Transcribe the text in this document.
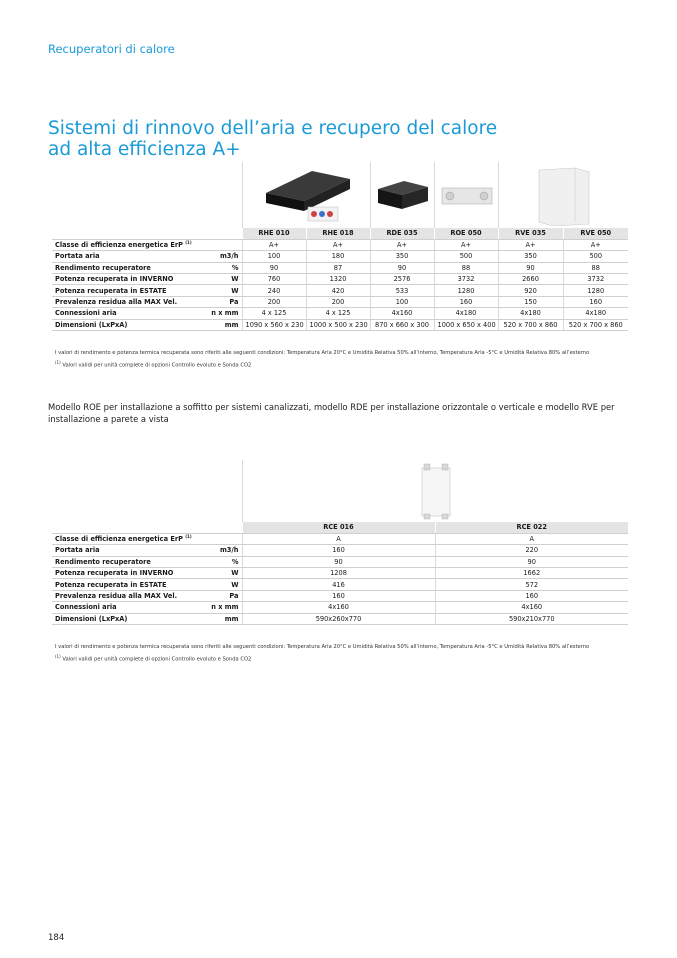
Recuperatori di calore
Sistemi di rinnovo dell’aria e recupero del calore
ad alta efficienza A+
		RHE 010	RHE 018	RDE 035	ROE 050	RVE 035	RVE 050
Classe di efficienza energetica ErP $^{(1)}$		A+	A+	A+	A+	A+	A+
Portata aria	m3/h	100	180	350	500	350	500
Rendimento recuperatore	%	90	87	90	88	90	88
Potenza recuperata in INVERNO	W	760	1320	2576	3732	2660	3732
Potenza recuperata in ESTATE	W	240	420	533	1280	920	1280
Prevalenza residua alla MAX Vel.	Pa	200	200	100	160	150	160
Connessioni aria	n x mm	4 x 125	4 x 125	4x160	4x180	4x180	4x180
Dimensioni (LxPxA)	mm	1090 x 560 x 230	1000 x 500 x 230	870 x 660 x 300	1000 x 650 x 400	520 x 700 x 860	520 x 700 x 860
I valori di rendimento e potenza termica recuperata sono riferiti alle seguenti condizioni: Temperatura Aria 20°C e Umidità Relativa 50% all’interno, Temperatura Aria -5°C e Umidità Relativa 80% all’esterno
$^{(1)}$ Valori validi per unità complete di opzioni Controllo evoluto e Sonda CO2

Modello ROE per installazione a soffitto per sistemi canalizzati, modello RDE per installazione orizzontale o verticale e modello RVE per installazione a parete a vista

		RCE 016	RCE 022
Classe di efficienza energetica ErP $^{(1)}$		A	A
Portata aria	m3/h	160	220
Rendimento recuperatore	%	90	90
Potenza recuperata in INVERNO	W	1208	1662
Potenza recuperata in ESTATE	W	416	572
Prevalenza residua alla MAX Vel.	Pa	160	160
Connessioni aria	n x mm	4x160	4x160
Dimensioni (LxPxA)	mm	590x260x770	590x210x770
I valori di rendimento e potenza termica recuperata sono riferiti alle seguenti condizioni: Temperatura Aria 20°C e Umidità Relativa 50% all’interno, Temperatura Aria -5°C e Umidità Relativa 80% all’esterno
$^{(1)}$ Valori validi per unità complete di opzioni Controllo evoluto e Sonda CO2
184
